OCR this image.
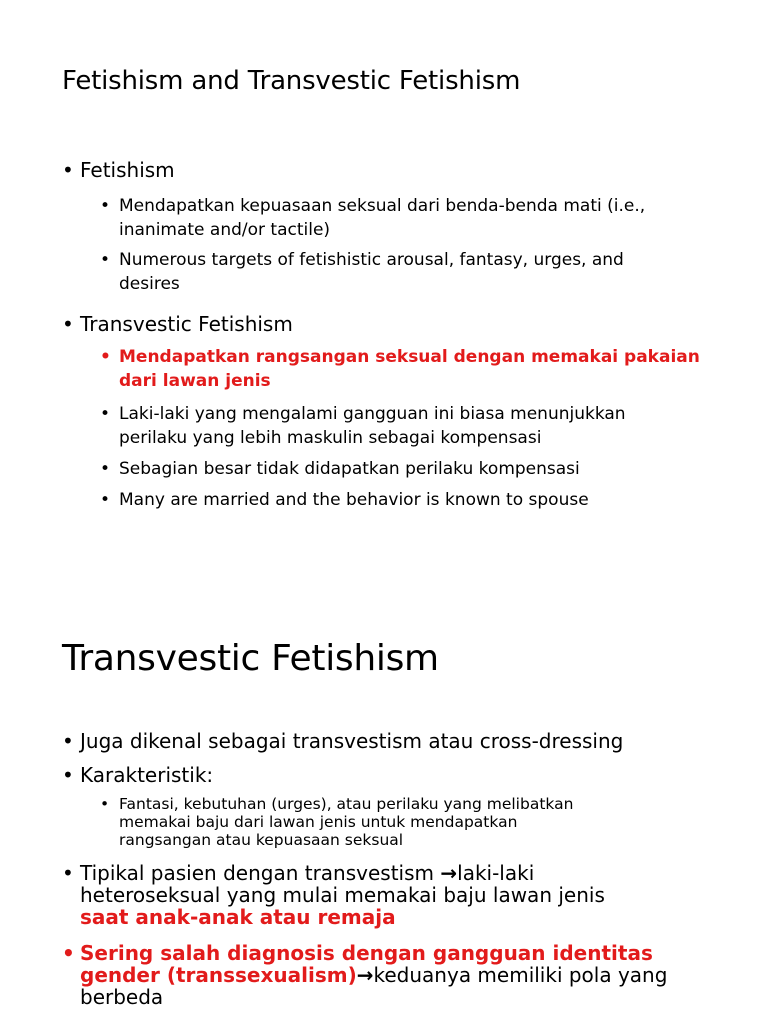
Fetishism and Transvestic Fetishism
• Fetishism
• Mendapatkan kepuasaan seksual dari benda-benda mati (i.e.,
inanimate and/or tactile)
• Numerous targets of fetishistic arousal, fantasy, urges, and
desires
• Transvestic Fetishism
• Mendapatkan rangsangan seksual dengan memakai pakaian
dari lawan jenis
• Laki-laki yang mengalami gangguan ini biasa menunjukkan
perilaku yang lebih maskulin sebagai kompensasi
• Sebagian besar tidak didapatkan perilaku kompensasi
• Many are married and the behavior is known to spouse
Transvestic Fetishism
• Juga dikenal sebagai transvestism atau cross-dressing
• Karakteristik:
• Fantasi, kebutuhan (urges), atau perilaku yang melibatkan
memakai baju dari lawan jenis untuk mendapatkan
rangsangan atau kepuasaan seksual
• Tipikal pasien dengan transvestism →laki-laki
heteroseksual yang mulai memakai baju lawan jenis
saat anak-anak atau remaja
• Sering salah diagnosis dengan gangguan identitas
gender (transsexualism)→keduanya memiliki pola yang
berbeda
